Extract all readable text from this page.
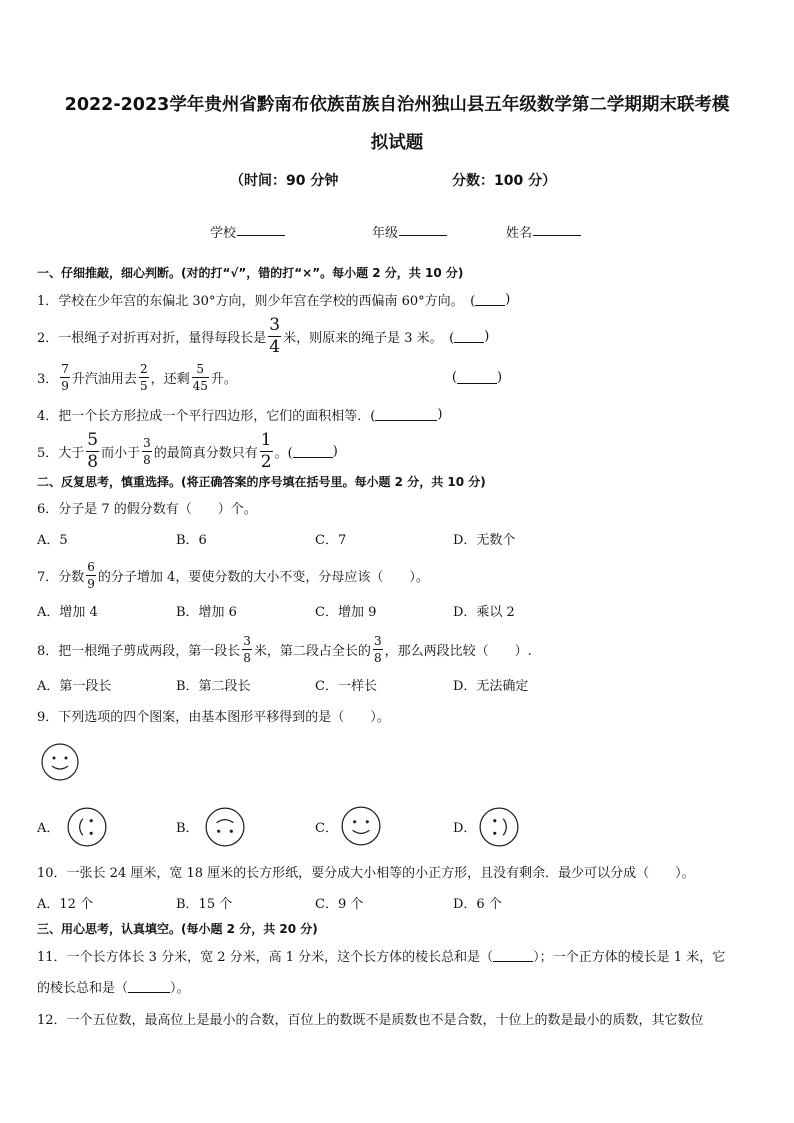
2022-2023学年贵州省黔南布依族苗族自治州独山县五年级数学第二学期期末联考模
拟试题
（时间：90 分钟	分数：100 分）
学校	年级	姓名
一、仔细推敲，细心判断。(对的打“√”，错的打“×”。每小题 2 分，共 10 分)
1．学校在少年宫的东偏北 30°方向，则少年宫在学校的西偏南 60°方向。　( )
2．一根绳子对折再对折，量得每段长是 $\frac{3}{4}$ 米，则原来的绳子是 3 米。　( )
3． $\frac{7}{9}$ 升汽油用去 $\frac{2}{5}$ ，还剩 $\frac{5}{45}$ 升。	(	)
4．把一个长方形拉成一个平行四边形，它们的面积相等．(	)
5．大于 $\frac{5}{8}$ 而小于 $\frac{3}{8}$ 的最简真分数只有 $\frac{1}{2}$ 。(	)
二、反复思考，慎重选择。(将正确答案的序号填在括号里。每小题 2 分，共 10 分)
6．分子是 7 的假分数有（　　）个。
A．5	B．6	C．7	D．无数个
7．分数 $\frac{6}{9}$ 的分子增加 4，要使分数的大小不变，分母应该（　　）。
A．增加 4	B．增加 6	C．增加 9	D．乘以 2
8．把一根绳子剪成两段，第一段长 $\frac{3}{8}$ 米，第二段占全长的 $\frac{3}{8}$ ，那么两段比较（　　）.
A．第一段长	B．第二段长	C．一样长	D．无法确定
9．下列选项的四个图案，由基本图形平移得到的是（　　）。
A．	B．	C．	D．
10．一张长 24 厘米，宽 18 厘米的长方形纸，要分成大小相等的小正方形，且没有剩余．最少可以分成（　　）。
A．12 个	B．15 个	C．9 个	D．6 个
三、用心思考，认真填空。(每小题 2 分，共 20 分)
11．一个长方体长 3 分米，宽 2 分米，高 1 分米，这个长方体的棱长总和是（	）；一个正方体的棱长是 1 米，它
的棱长总和是（	）。
12．一个五位数，最高位上是最小的合数，百位上的数既不是质数也不是合数，十位上的数是最小的质数，其它数位
